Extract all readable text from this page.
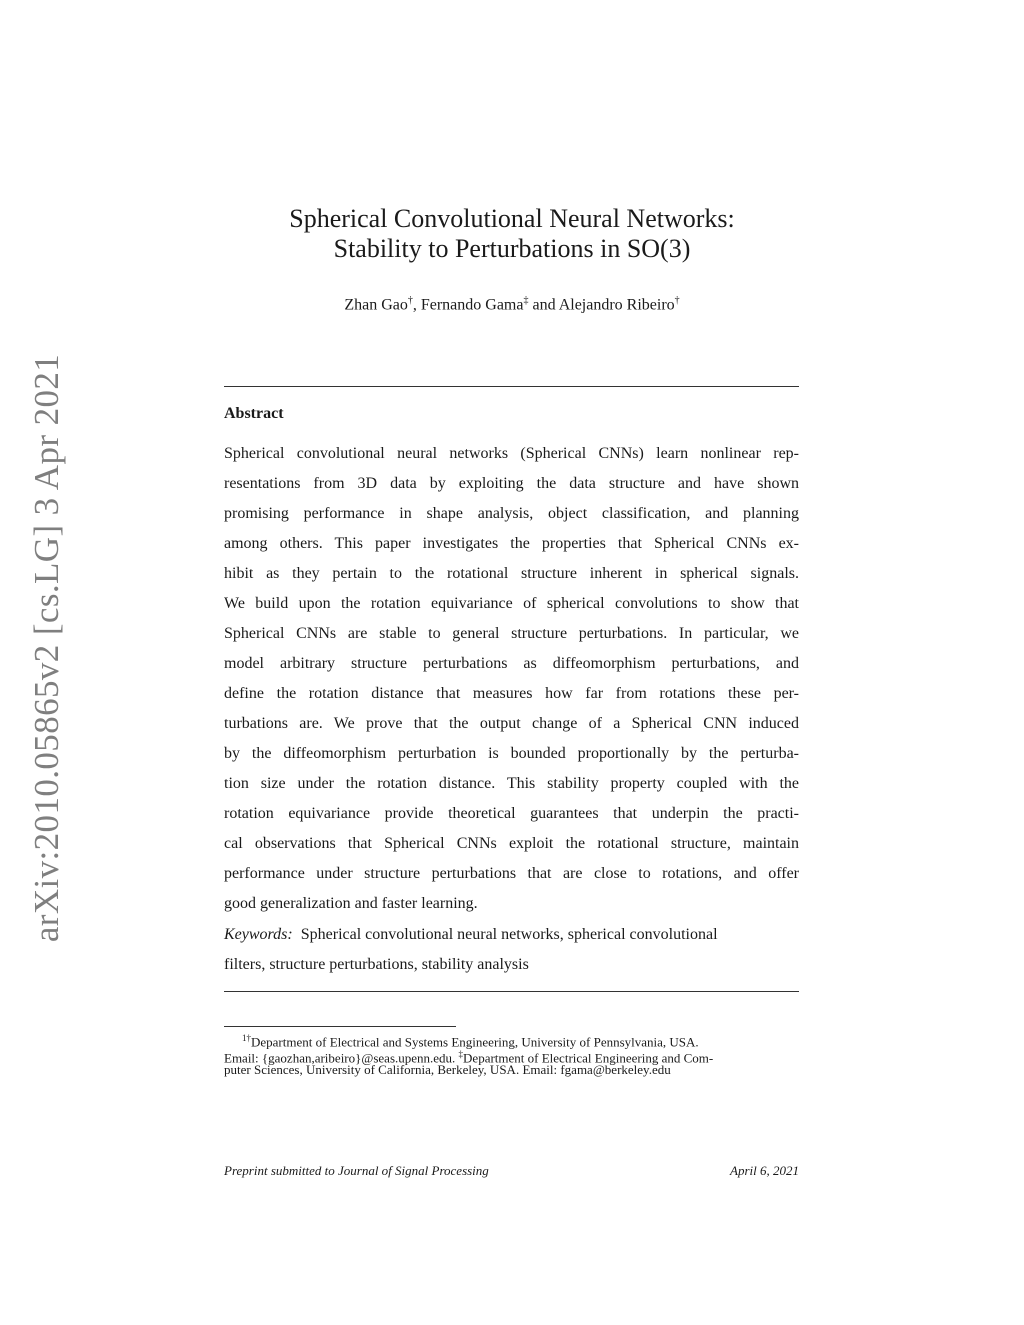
arXiv:2010.05865v2 [cs.LG] 3 Apr 2021
Spherical Convolutional Neural Networks:
Stability to Perturbations in SO(3)
Zhan Gao†, Fernando Gama‡ and Alejandro Ribeiro†
Abstract
Spherical convolutional neural networks (Spherical CNNs) learn nonlinear rep-
resentations from 3D data by exploiting the data structure and have shown
promising performance in shape analysis, object classification, and planning
among others. This paper investigates the properties that Spherical CNNs ex-
hibit as they pertain to the rotational structure inherent in spherical signals.
We build upon the rotation equivariance of spherical convolutions to show that
Spherical CNNs are stable to general structure perturbations. In particular, we
model arbitrary structure perturbations as diffeomorphism perturbations, and
define the rotation distance that measures how far from rotations these per-
turbations are. We prove that the output change of a Spherical CNN induced
by the diffeomorphism perturbation is bounded proportionally by the perturba-
tion size under the rotation distance. This stability property coupled with the
rotation equivariance provide theoretical guarantees that underpin the practi-
cal observations that Spherical CNNs exploit the rotational structure, maintain
performance under structure perturbations that are close to rotations, and offer
good generalization and faster learning.
Keywords: Spherical convolutional neural networks, spherical convolutional
filters, structure perturbations, stability analysis
$^{1\dagger}$Department of Electrical and Systems Engineering, University of Pennsylvania, USA.
Email: {gaozhan,aribeiro}@seas.upenn.edu. ‡Department of Electrical Engineering and Com-
puter Sciences, University of California, Berkeley, USA. Email: fgama@berkeley.edu
Preprint submitted to Journal of Signal Processing	April 6, 2021
